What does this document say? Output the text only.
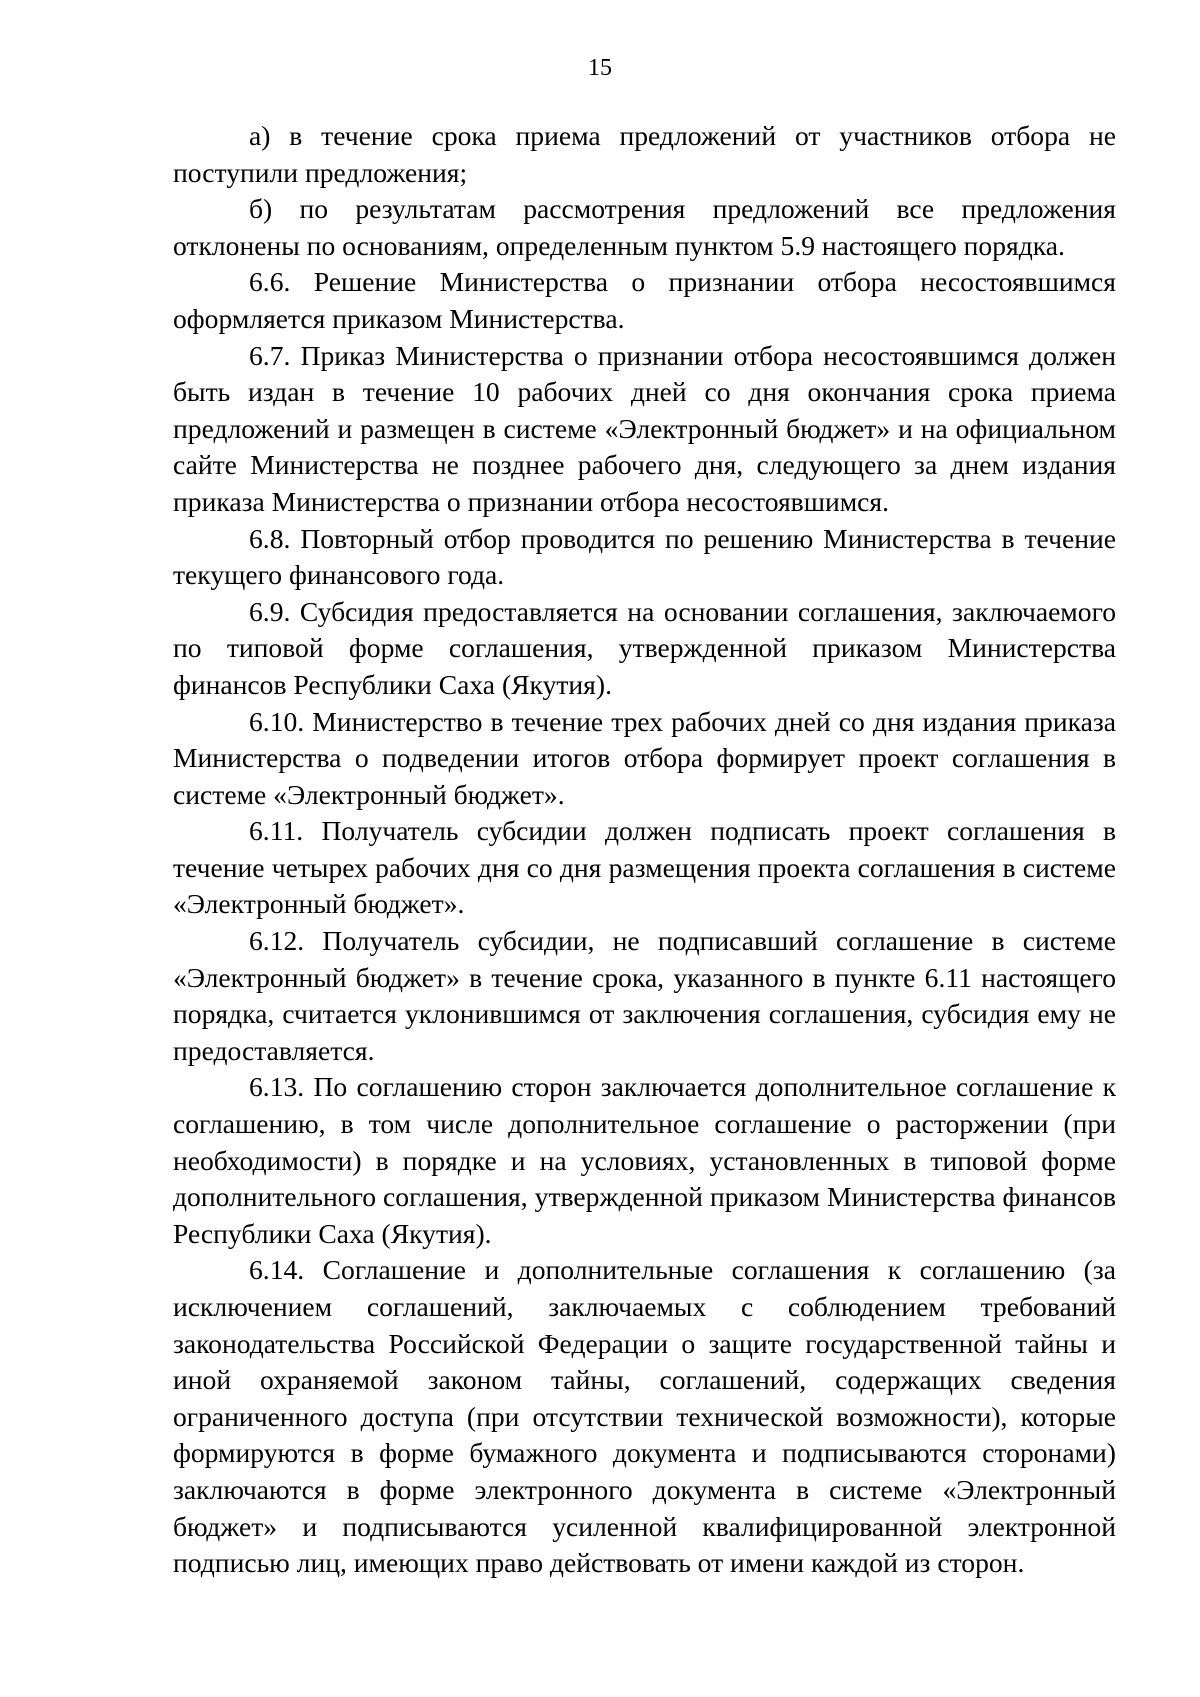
15

а) в течение срока приема предложений от участников отбора не поступили предложения;

б) по результатам рассмотрения предложений все предложения отклонены по основаниям, определенным пунктом 5.9 настоящего порядка.

6.6. Решение Министерства о признании отбора несостоявшимся оформляется приказом Министерства.

6.7. Приказ Министерства о признании отбора несостоявшимся должен быть издан в течение 10 рабочих дней со дня окончания срока приема предложений и размещен в системе «Электронный бюджет» и на официальном сайте Министерства не позднее рабочего дня, следующего за днем издания приказа Министерства о признании отбора несостоявшимся.

6.8. Повторный отбор проводится по решению Министерства в течение текущего финансового года.

6.9. Субсидия предоставляется на основании соглашения, заключаемого по типовой форме соглашения, утвержденной приказом Министерства финансов Республики Саха (Якутия).

6.10. Министерство в течение трех рабочих дней со дня издания приказа Министерства о подведении итогов отбора формирует проект соглашения в системе «Электронный бюджет».

6.11. Получатель субсидии должен подписать проект соглашения в течение четырех рабочих дня со дня размещения проекта соглашения в системе «Электронный бюджет».

6.12. Получатель субсидии, не подписавший соглашение в системе «Электронный бюджет» в течение срока, указанного в пункте 6.11 настоящего порядка, считается уклонившимся от заключения соглашения, субсидия ему не предоставляется.

6.13. По соглашению сторон заключается дополнительное соглашение к соглашению, в том числе дополнительное соглашение о расторжении (при необходимости) в порядке и на условиях, установленных в типовой форме дополнительного соглашения, утвержденной приказом Министерства финансов Республики Саха (Якутия).

6.14. Соглашение и дополнительные соглашения к соглашению (за исключением соглашений, заключаемых с соблюдением требований законодательства Российской Федерации о защите государственной тайны и иной охраняемой законом тайны, соглашений, содержащих сведения ограниченного доступа (при отсутствии технической возможности), которые формируются в форме бумажного документа и подписываются сторонами) заключаются в форме электронного документа в системе «Электронный бюджет» и подписываются усиленной квалифицированной электронной подписью лиц, имеющих право действовать от имени каждой из сторон.
